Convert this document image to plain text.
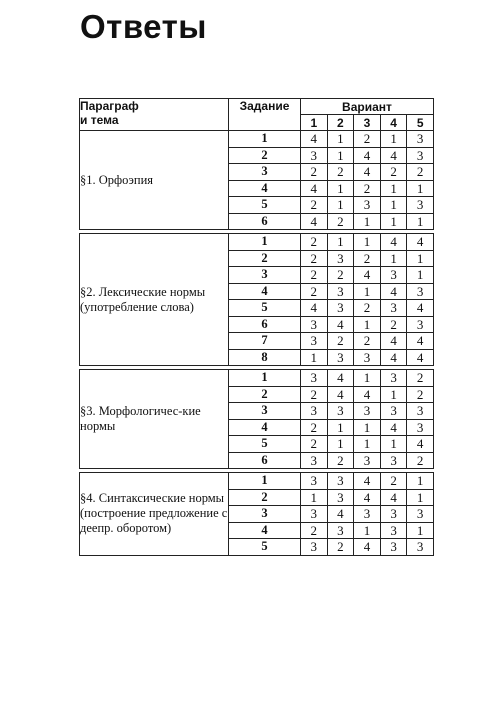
Ответы
Параграф
и тема	Задание	Вариант				
		1	2	3	4	5
§1. Орфоэпия	1	4	1	2	1	3
	2	3	1	4	4	3
	3	2	2	4	2	2
	4	4	1	2	1	1
	5	2	1	3	1	3
	6	4	2	1	1	1

§2. Лексические нормы (употребление слова)	1	2	1	1	4	4
	2	2	3	2	1	1
	3	2	2	4	3	1
	4	2	3	1	4	3
	5	4	3	2	3	4
	6	3	4	1	2	3
	7	3	2	2	4	4
	8	1	3	3	4	4

§3. Морфологичес-кие нормы	1	3	4	1	3	2
	2	2	4	4	1	2
	3	3	3	3	3	3
	4	2	1	1	4	3
	5	2	1	1	1	4
	6	3	2	3	3	2

§4. Синтаксические нормы (построение предложение с деепр. оборотом)	1	3	3	4	2	1
	2	1	3	4	4	1
	3	3	4	3	3	3
	4	2	3	1	3	1
	5	3	2	4	3	3
